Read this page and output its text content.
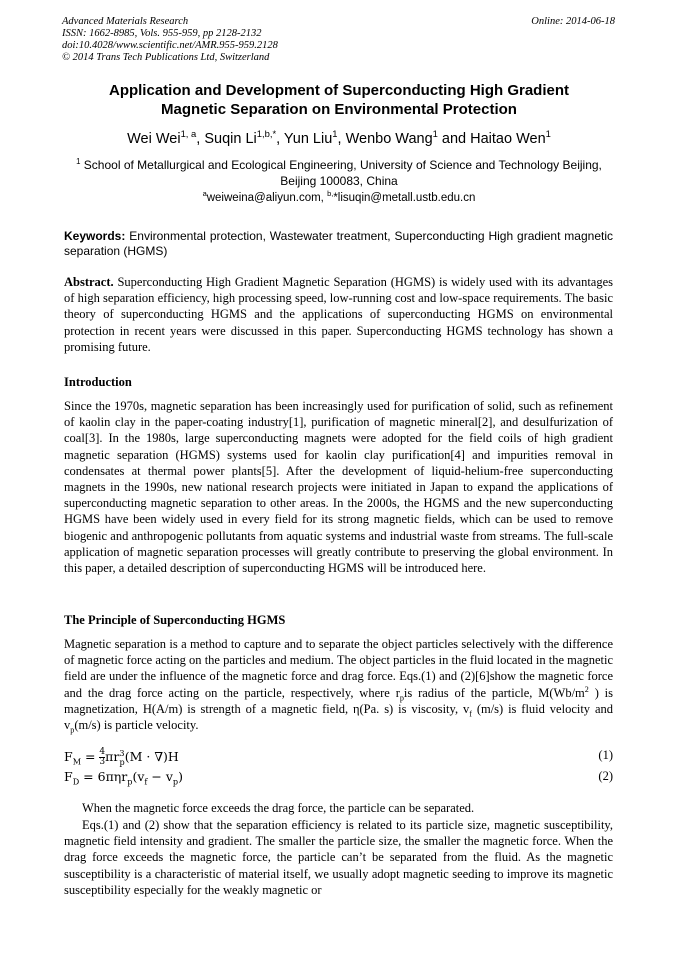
Advanced Materials Research
ISSN: 1662-8985, Vols. 955-959, pp 2128-2132
doi:10.4028/www.scientific.net/AMR.955-959.2128
© 2014 Trans Tech Publications Ltd, Switzerland
Online: 2014-06-18
Application and Development of Superconducting High Gradient
Magnetic Separation on Environmental Protection
Wei Wei$^{1, a}$, Suqin $Li^{1,b,*}$, Yun Liu$^1$, Wenbo Wang$^1$ and Haitao Wen$^1$
$^1$ School of Metallurgical and Ecological Engineering, University of Science and Technology Beijing,
Beijing 100083, China
$^a$weiweina@aliyun.com, $^{b,}$*lisuqin@metall.ustb.edu.cn
Keywords: Environmental protection, Wastewater treatment, Superconducting High gradient magnetic separation (HGMS)
Abstract. Superconducting High Gradient Magnetic Separation (HGMS) is widely used with its advantages of high separation efficiency, high processing speed, low-running cost and low-space requirements. The basic theory of superconducting HGMS and the applications of superconducting HGMS on environmental protection in recent years were discussed in this paper. Superconducting HGMS technology has shown a promising future.
Introduction
Since the 1970s, magnetic separation has been increasingly used for purification of solid, such as refinement of kaolin clay in the paper-coating industry[1], purification of magnetic mineral[2], and desulfurization of coal[3]. In the 1980s, large superconducting magnets were adopted for the field coils of high gradient magnetic separation (HGMS) systems used for kaolin clay purification[4] and impurities removal in condensates at thermal power plants[5]. After the development of liquid-helium-free superconducting magnets in the 1990s, new national research projects were initiated in Japan to expand the applications of superconducting magnetic separation to other areas. In the 2000s, the HGMS and the new superconducting HGMS have been widely used in every field for its strong magnetic fields, which can be used to remove biogenic and anthropogenic pollutants from aquatic systems and industrial waste from streams. The full-scale application of magnetic separation processes will greatly contribute to preserving the global environment. In this paper, a detailed description of superconducting HGMS will be introduced here.
The Principle of Superconducting HGMS
Magnetic separation is a method to capture and to separate the object particles selectively with the difference of magnetic force acting on the particles and medium. The object particles in the fluid located in the magnetic field are under the influence of the magnetic force and drag force. Eqs.(1) and (2)[6]show the magnetic force and the drag force acting on the particle, respectively, where $r_pis$ radius of the particle, $M(Wb/m^2$ ) is magnetization, H(A/m) is strength of a magnetic field, η(Pa. s) is viscosity, $v_f$ (m/s) is fluid velocity and $v_p(m/s)$ is particle velocity.
$F_M = \frac{4}{3} \pi r^3_p(M \cdot \nabla)H$	(1)
$F_D = 6\pi\eta r_p(v_f - v_p)$	(2)
When the magnetic force exceeds the drag force, the particle can be separated.
Eqs.(1) and (2) show that the separation efficiency is related to its particle size, magnetic susceptibility, magnetic field intensity and gradient. The smaller the particle size, the smaller the magnetic force. When the drag force exceeds the magnetic force, the particle can’t be separated from the fluid. As the magnetic susceptibility is a characteristic of material itself, we usually adopt magnetic seeding to improve its magnetic susceptibility especially for the weakly magnetic or
